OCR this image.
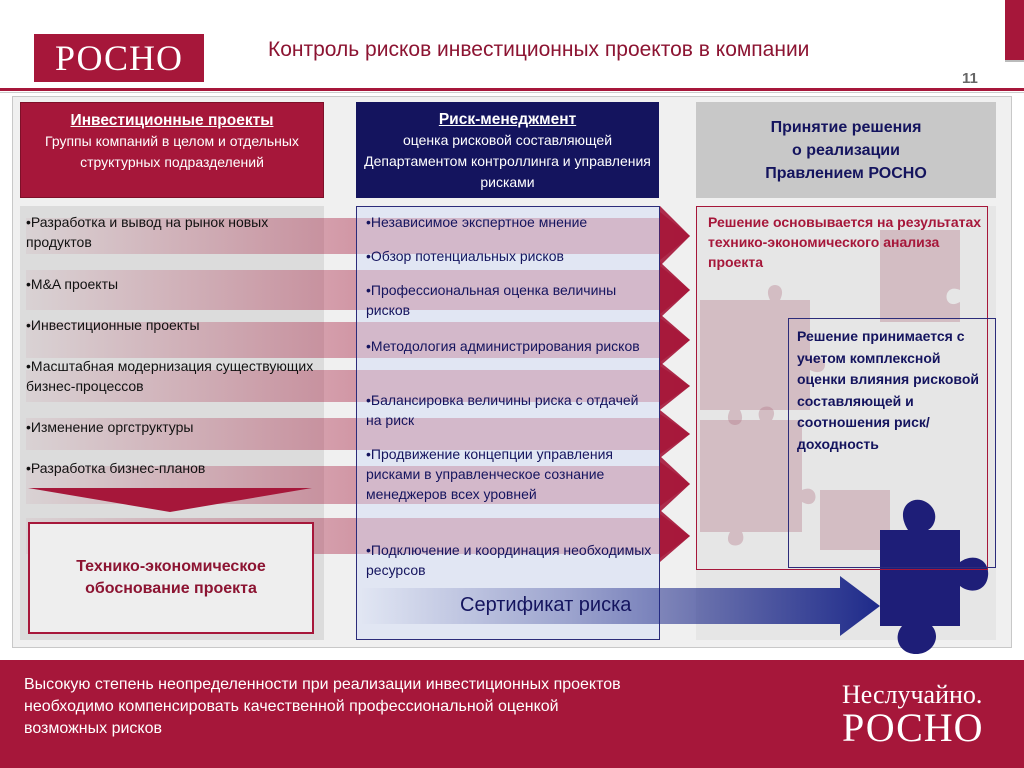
РОСНО	Контроль рисков инвестиционных проектов в компании
11
Инвестиционные проекты
Группы компаний в целом и отдельных структурных подразделений
Риск-менеджмент
оценка рисковой составляющей Департаментом контроллинга и управления рисками
Принятие решения
о реализации
Правлением РОСНО
•Разработка и вывод на рынок новых продуктов
•M&A проекты
•Инвестиционные проекты
•Масштабная модернизация существующих бизнес-процессов
•Изменение оргструктуры
•Разработка бизнес-планов
Технико-экономическое обоснование проекта
•Независимое экспертное мнение
•Обзор потенциальных рисков
•Профессиональная оценка величины рисков
•Методология администрирования рисков
•Балансировка величины риска с отдачей на риск
•Продвижение концепции управления рисками в управленческое сознание менеджеров всех уровней
•Подключение и координация необходимых ресурсов
Сертификат риска
Решение основывается на результатах технико-экономического анализа проекта
Решение принимается с учетом комплексной оценки влияния рисковой составляющей и соотношения риск/доходность
Высокую степень неопределенности при реализации инвестиционных проектов необходимо компенсировать качественной профессиональной оценкой возможных рисков
Неслучайно.
РОСНО
